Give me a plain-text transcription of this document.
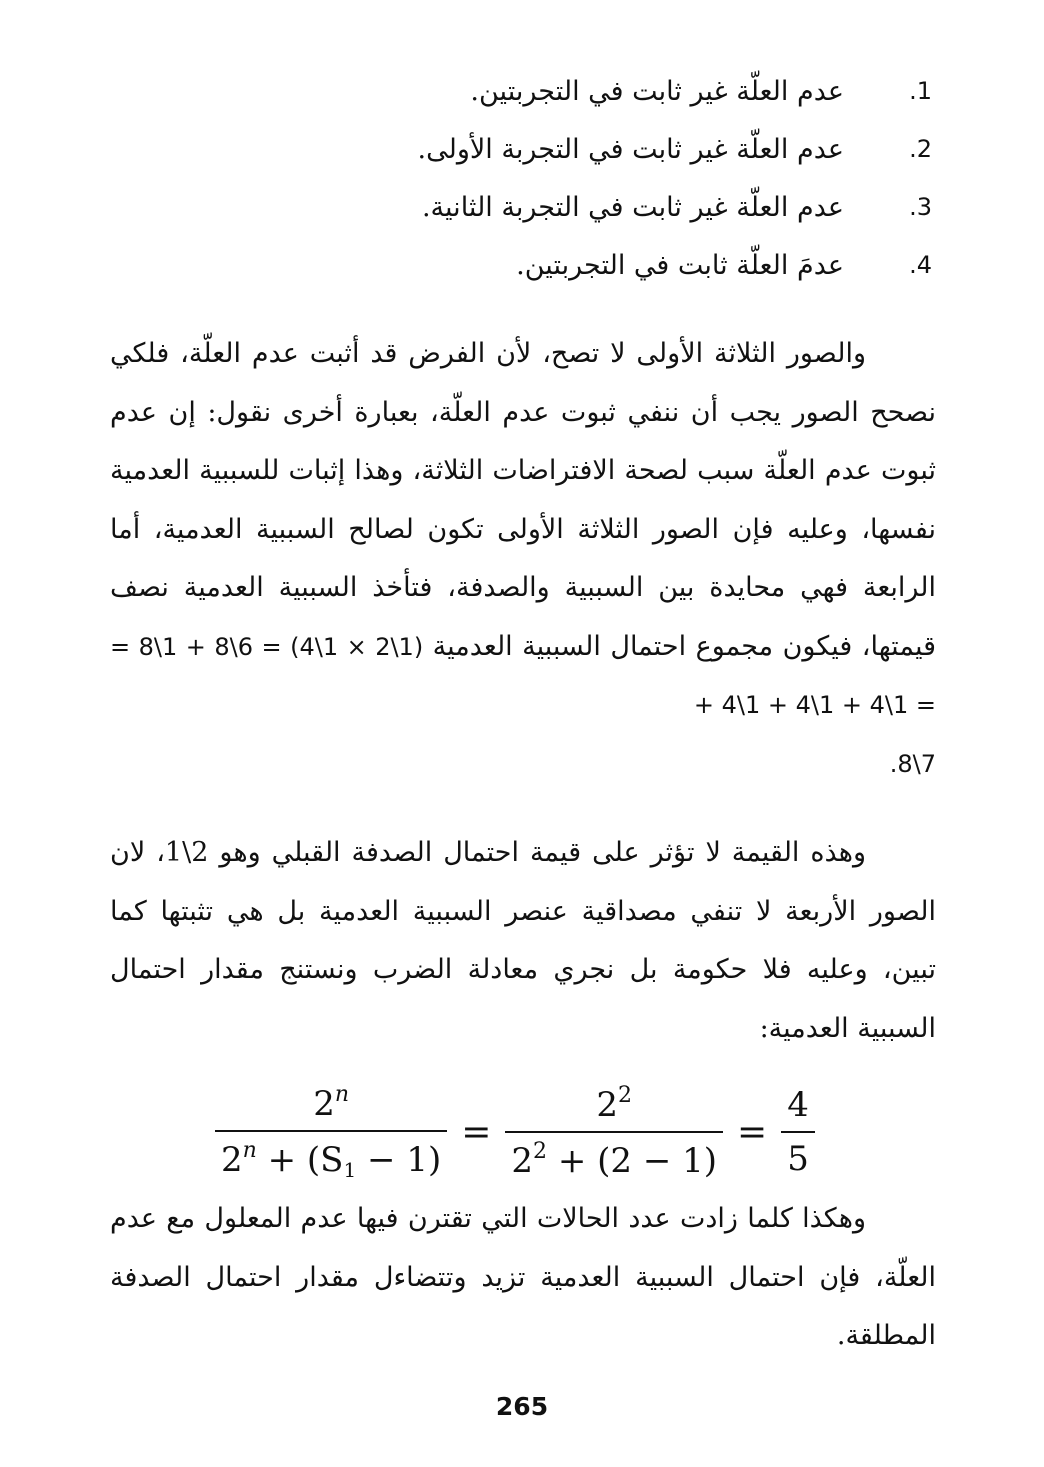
.1
عدم العلّة غير ثابت في التجربتين.
.2
عدم العلّة غير ثابت في التجربة الأولى.
.3
عدم العلّة غير ثابت في التجربة الثانية.
.4
عدمَ العلّة ثابت في التجربتين.
والصور الثلاثة الأولى لا تصح، لأن الفرض قد أثبت عدم العلّة، فلكي نصحح الصور يجب أن ننفي ثبوت عدم العلّة، بعبارة أخرى نقول: إن عدم ثبوت عدم العلّة سبب لصحة الافتراضات الثلاثة، وهذا إثبات للسببية العدمية نفسها، وعليه فإن الصور الثلاثة الأولى تكون لصالح السببية العدمية، أما الرابعة فهي محايدة بين السببية والصدفة، فتأخذ السببية العدمية نصف قيمتها، فيكون مجموع احتمال السببية العدمية = 8\1 + 8\6 = (4\1 × 2\1) + 4\1 + 4\1 + 4\1 =
.8\7
وهذه القيمة لا تؤثر على قيمة احتمال الصدفة القبلي وهو 2\1، لان الصور الأربعة لا تنفي مصداقية عنصر السببية العدمية بل هي تثبتها كما تبين، وعليه فلا حكومة بل نجري معادلة الضرب ونستنج مقدار احتمال السببية العدمية:
$\frac{2^n}{2^n + (S_1 - 1)} = \frac{2^2}{2^2 + (2 - 1)} = \frac{4}{5}$
وهكذا كلما زادت عدد الحالات التي تقترن فيها عدم المعلول مع عدم العلّة، فإن احتمال السببية العدمية تزيد وتتضاءل مقدار احتمال الصدفة المطلقة.
265
